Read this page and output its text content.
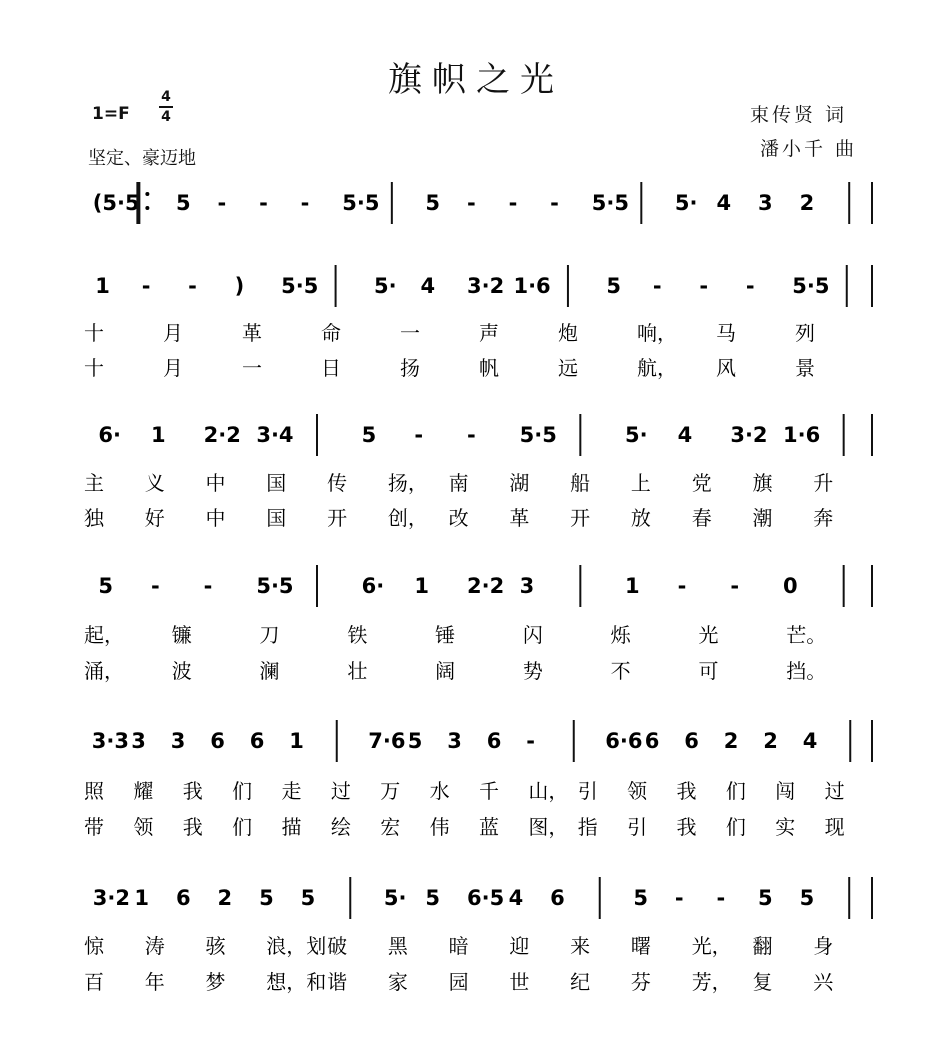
旗帜之光
1=F
4
4
坚定、豪迈地
束传贤 词
潘小千 曲
(5·5 5 - - - 5·5 5 - - - 5·5 5· 4 3 2
1 - - ) 5·5	5· 4 3·2 1·6	5 - - - 5·5
十	月	革	命	一	声	炮	响， 马	列
十	月	一	日	扬	帆	远	航， 风	景
6· 1 2·2 3·4	5 - - 5·5	5· 4 3·2 1·6
主 义 中 国 传 扬， 南 湖 船 上 党 旗 升
独 好 中 国 开 创， 改 革 开 放 春 潮 奔
5 - - 5·5	6· 1 2·2 3	1 - - 0
起， 镰	刀	铁	锤	闪	烁	光	芒。
涌， 波	澜	壮	阔	势	不	可	挡。
3·3 3 3 6 6 1	7·6 5 3 6 -	6·6 6 6 2 2 4
照 耀 我 们 走 过 万 水 千 山， 引 领 我 们 闯 过
带 领 我 们 描 绘 宏 伟 蓝 图， 指 引 我 们 实 现
3·2 1 6 2 5 5	5· 5 6·5 4 6	5 - - 5 5
惊 涛 骇 浪，划 破 黑 暗 迎 来 曙 光， 翻 身
百 年 梦 想，和 谐 家 园 世 纪 芬 芳， 复 兴
